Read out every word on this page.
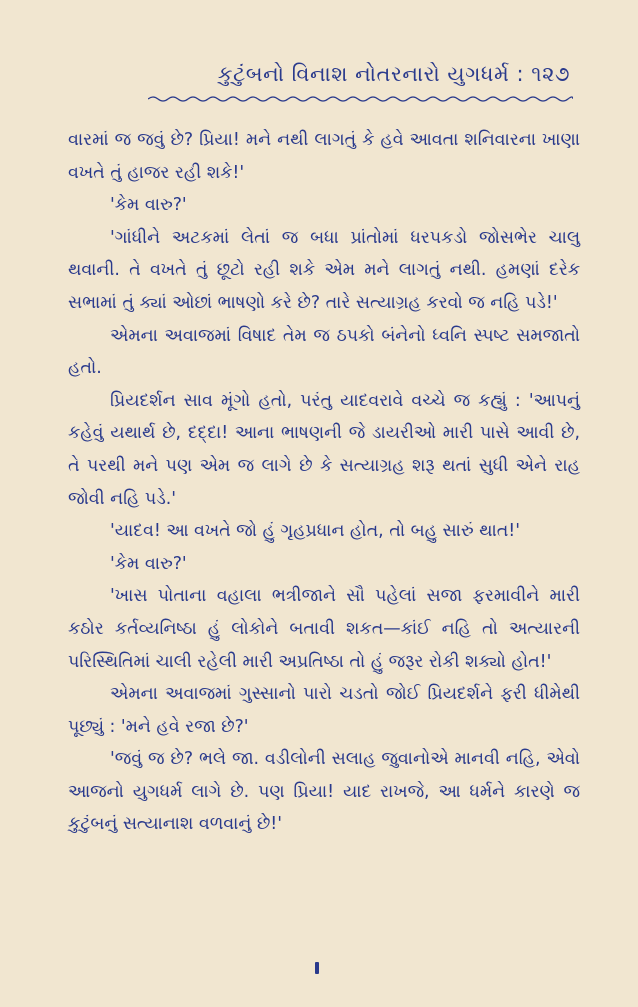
કુટુંબનો વિનાશ નોતરનારો યુગધર્મ : ૧૨૭

વારમાં જ જવું છે? પ્રિયા! મને નથી લાગતું કે હવે આવતા શનિવારના ખાણા વખતે તું હાજર રહી શકે!'

'કેમ વારુ?'

'ગાંધીને અટકમાં લેતાં જ બધા પ્રાંતોમાં ધરપકડો જોસભેર ચાલુ થવાની. તે વખતે તું છૂટો રહી શકે એમ મને લાગતું નથી. હમણાં દરેક સભામાં તું ક્યાં ઓછાં ભાષણો કરે છે? તારે સત્યાગ્રહ કરવો જ નહિ પડે!'

એમના અવાજમાં વિષાદ તેમ જ ઠપકો બંનેનો ધ્વનિ સ્પષ્ટ સમજાતો હતો.

પ્રિયદર્શન સાવ મૂંગો હતો, પરંતુ યાદવરાવે વચ્ચે જ કહ્યું : 'આપનું કહેવું યથાર્થ છે, દદ્દા! આના ભાષણની જે ડાયરીઓ મારી પાસે આવી છે, તે પરથી મને પણ એમ જ લાગે છે કે સત્યાગ્રહ શરૂ થતાં સુધી એને રાહ જોવી નહિ પડે.'

'યાદવ! આ વખતે જો હું ગૃહપ્રધાન હોત, તો બહુ સારું થાત!'

'કેમ વારુ?'

'ખાસ પોતાના વહાલા ભત્રીજાને સૌ પહેલાં સજા ફરમાવીને મારી કઠોર કર્તવ્યનિષ્ઠા હું લોકોને બતાવી શકત—કાંઈ નહિ તો અત્યારની પરિસ્થિતિમાં ચાલી રહેલી મારી અપ્રતિષ્ઠા તો હું જરૂર રોકી શક્યો હોત!'

એમના અવાજમાં ગુસ્સાનો પારો ચડતો જોઈ પ્રિયદર્શને ફરી ધીમેથી પૂછ્યું : 'મને હવે રજા છે?'

'જવું જ છે? ભલે જા. વડીલોની સલાહ જુવાનોએ માનવી નહિ, એવો આજનો યુગધર્મ લાગે છે. પણ પ્રિયા! યાદ રાખજે, આ ધર્મને કારણે જ કુટુંબનું સત્યાનાશ વળવાનું છે!'
